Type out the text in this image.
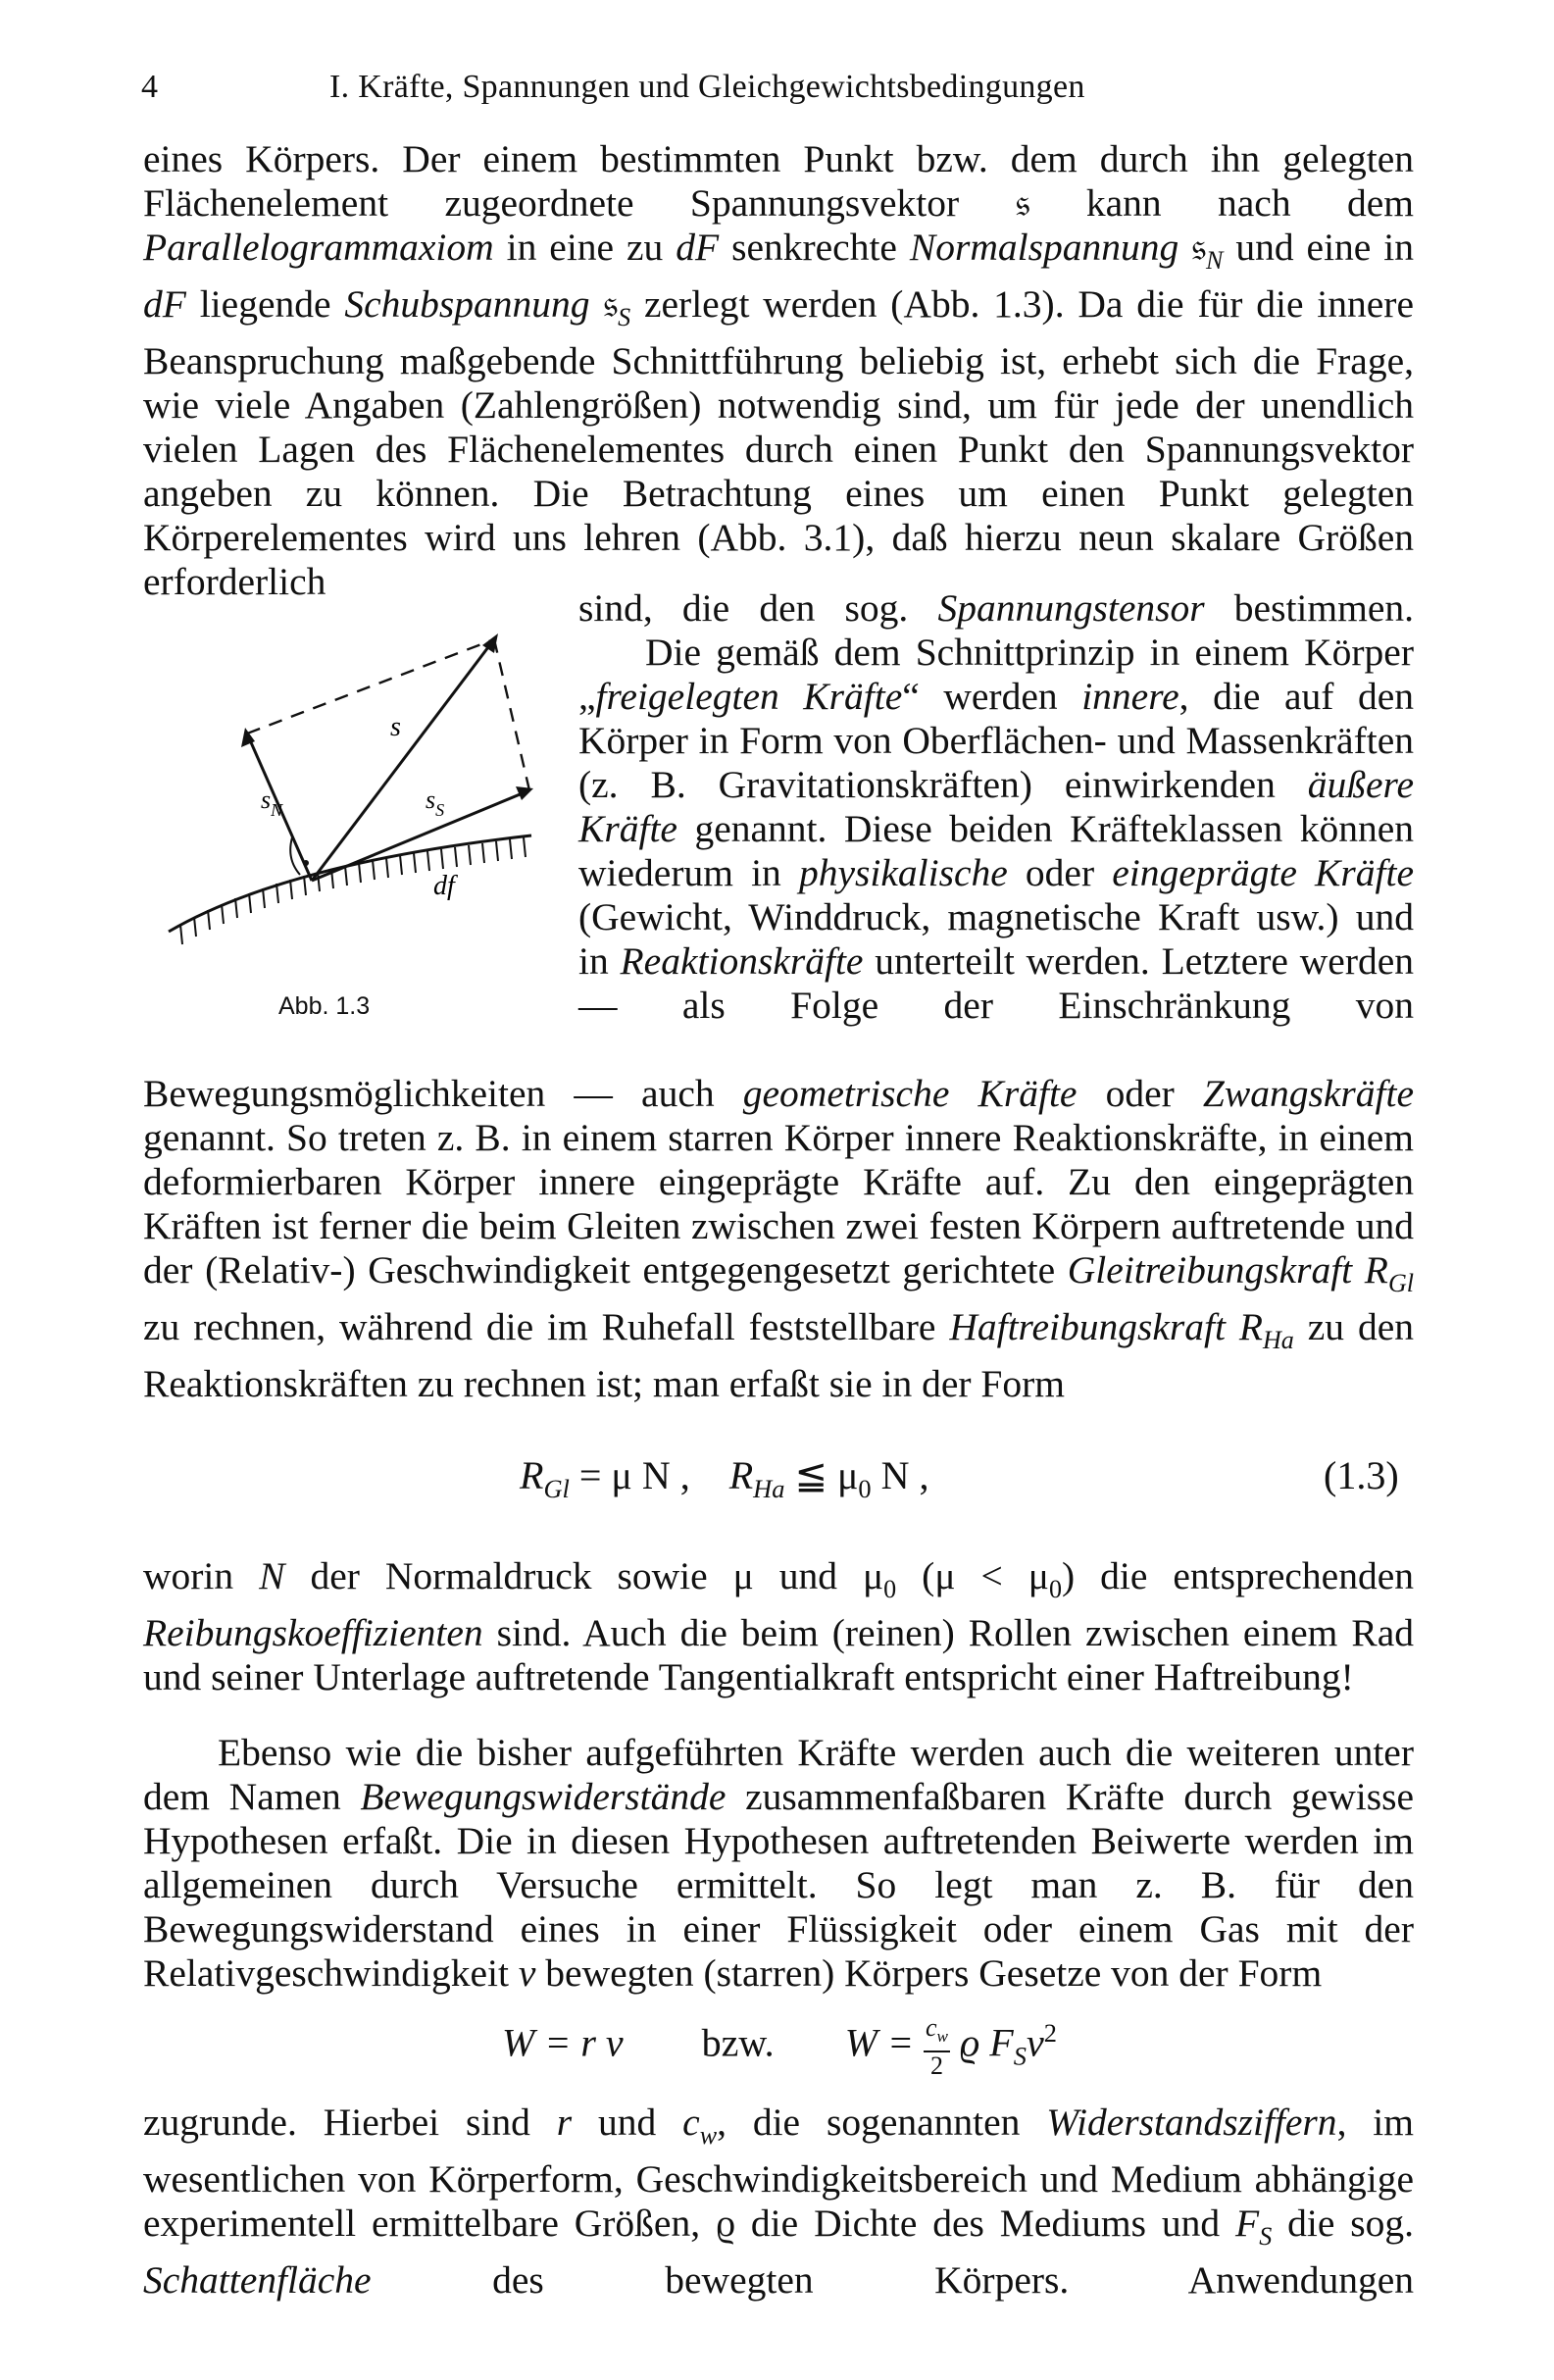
4	I. Kräfte, Spannungen und Gleichgewichtsbedingungen

eines Körpers. Der einem bestimmten Punkt bzw. dem durch ihn gelegten Flächenelement zugeordnete Spannungsvektor 𝔰 kann nach dem Parallelogrammaxiom in eine zu dF senkrechte Normalspannung 𝔰$_N$ und eine in dF liegende Schubspannung 𝔰$_S$ zerlegt werden (Abb. 1.3). Da die für die innere Beanspruchung maßgebende Schnittführung beliebig ist, erhebt sich die Frage, wie viele Angaben (Zahlengrößen) notwendig sind, um für jede der unendlich vielen Lagen des Flächenelementes durch einen Punkt den Spannungsvektor angeben zu können. Die Betrachtung eines um einen Punkt gelegten Körperelementes wird uns lehren (Abb. 3.1), daß hierzu neun skalare Größen erforderlich

sind, die den sog. Spannungstensor bestimmen.

Die gemäß dem Schnittprinzip in einem Körper „freigelegten Kräfte“ werden innere, die auf den Körper in Form von Oberflächen- und Massenkräften (z. B. Gravitationskräften) einwirkenden äußere Kräfte genannt. Diese beiden Kräfteklassen können wiederum in physikalische oder eingeprägte Kräfte (Gewicht, Winddruck, magnetische Kraft usw.) und in Reaktionskräfte unterteilt werden. Letztere werden — als Folge der Einschränkung von

s
$s_N$	$s_S$
df
Abb. 1.3

Bewegungsmöglichkeiten — auch geometrische Kräfte oder Zwangskräfte genannt. So treten z. B. in einem starren Körper innere Reaktionskräfte, in einem deformierbaren Körper innere eingeprägte Kräfte auf. Zu den eingeprägten Kräften ist ferner die beim Gleiten zwischen zwei festen Körpern auftretende und der (Relativ-) Geschwindigkeit entgegengesetzt gerichtete Gleitreibungskraft $R_{Gl}$ zu rechnen, während die im Ruhefall feststellbare Haftreibungskraft $R_{Ha}$ zu den Reaktionskräften zu rechnen ist; man erfaßt sie in der Form

$R_{Gl} = \mu$ N ,    $R_{Ha}$ ≦ $\mu_0$ N ,	(1.3)

worin N der Normaldruck sowie μ und $\mu_0$ $(\mu < \mu_0)$ die entsprechenden Reibungskoeffizienten sind. Auch die beim (reinen) Rollen zwischen einem Rad und seiner Unterlage auftretende Tangentialkraft entspricht einer Haftreibung!

Ebenso wie die bisher aufgeführten Kräfte werden auch die weiteren unter dem Namen Bewegungswiderstände zusammenfaßbaren Kräfte durch gewisse Hypothesen erfaßt. Die in diesen Hypothesen auftretenden Beiwerte werden im allgemeinen durch Versuche ermittelt. So legt man z. B. für den Bewegungswiderstand eines in einer Flüssigkeit oder einem Gas mit der Relativgeschwindigkeit v bewegten (starren) Körpers Gesetze von der Form

W = r v bzw. $W = \frac{c_w}{2}$ ϱ $F_Sv^2$

zugrunde. Hierbei sind r und $c_w$, die sogenannten Widerstandsziffern, im wesentlichen von Körperform, Geschwindigkeitsbereich und Medium abhängige experimentell ermittelbare Größen, ϱ die Dichte des Mediums und $F_S$ die sog. Schattenfläche des bewegten Körpers. Anwendungen
